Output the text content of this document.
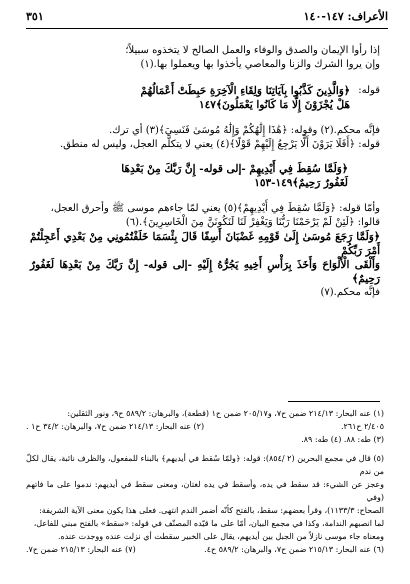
الأعراف: ١٤٧-١٤٠
٣٥١

إذا رأوا الإيمان والصدق والوفاء والعمل الصالح لا يتخذوه سبيلاً؛

وإن يروا الشرك والزنا والمعاصي يأخذوا بها ويعملوا بها.(١)

قوله:

﴿وَالَّذِينَ كَذَّبُوا بِآيَاتِنَا وَلِقَاءِ الْآخِرَةِ حَبِطَتْ أَعْمَالُهُمْ

هَلْ يُجْزَوْنَ إِلَّا مَا كَانُوا يَعْمَلُونَ﴾١٤٧

فإنَّه محكم.(٢) وقوله: ﴿هَٰذَا إِلَٰهُكُمْ وَإِلَٰهُ مُوسَىٰ فَنَسِيَ﴾(٣) أي ترك.

قوله: ﴿أَفَلَا يَرَوْنَ أَلَّا يَرْجِعُ إِلَيْهِمْ قَوْلًا﴾(٤) يعني لا يتكلَّم العجل، وليس له منطق.

﴿وَلَمَّا سُقِطَ فِي أَيْدِيهِمْ -إلى قوله- إِنَّ رَبَّكَ مِنْ بَعْدِهَا

لَغَفُورٌ رَحِيمٌ﴾١٤٩-١٥٣

وأمّا قوله: ﴿وَلَمَّا سُقِطَ فِي أَيْدِيهِمْ﴾(٥) يعني لمّا جاءهم موسى ﷺ وأحرق العجل،

قالوا: ﴿لَئِنْ لَمْ يَرْحَمْنَا رَبُّنَا وَيَغْفِرْ لَنَا لَنَكُونَنَّ مِنَ الْخَاسِرِينَ﴾.(٦)

﴿وَلَمَّا رَجَعَ مُوسَىٰ إِلَىٰ قَوْمِهِ غَضْبَانَ أَسِفًا قَالَ بِئْسَمَا خَلَفْتُمُونِي مِنْ بَعْدِي أَعَجِلْتُمْ أَمْرَ رَبِّكُمْ

وَأَلْقَى الْأَلْوَاحَ وَأَخَذَ بِرَأْسِ أَخِيهِ يَجُرُّهُ إِلَيْهِ -إلى قوله- إِنَّ رَبَّكَ مِنْ بَعْدِهَا لَغَفُورٌ رَحِيمٌ﴾

فإنَّه محكم.(٧)

(١) عنه البحار: ٢١٤/١٣ ضمن ح٧، و٢٠٥/١٧ ضمن ح١ (قطعة)، والبرهان: ٥٨٩/٢ ح٩، ونور الثقلين:

٢/٤٠٥ ح٢٦١.
(٢) عنه البحار: ٢١٤/١٣ ضمن ح٧، والبرهان: ٣٤/٢ ح١ .

(٣) طه: ٨٨. (٤) طه: ٨٩.

(٥) قال في مجمع البحرين (٢ /٨٥٤): قوله: ﴿ولمّا سُقط في أيديهم﴾ بالبناء للمفعول، والظرف نائبة، يقال لكلّ من ندم

وعجز عن الشيء: قد سقط في يده، وأسقط في يده لغتان، ومعنى سقط في أيديهم: ندموا على ما فاتهم (وفي

الصحاح: ١١٣٣/٣)، وقرأ بعضهم: سقط، بالفتح كأنّه أضمر الندم انتهى. فعلى هذا يكون معنى الآية الشريفة:

لما انصبهم الندامة، وكذا في مجمع البيان، أمّا على ما قيّده المصنّف في قوله: «سقط» بالفتح مبني للفاعل،

ومعناه جاء موسى نازلاً من الجبل بين أيديهم، يقال على الخبير سقطت أي نزلت عنده ووجدت عنده.

(٦) عنه البحار: ٢١٥/١٣ ضمن ح٧، والبرهان: ٥٨٩/٢ ح٤.
(٧) عنه البحار: ٢١٥/١٣ ضمن ح٧.
